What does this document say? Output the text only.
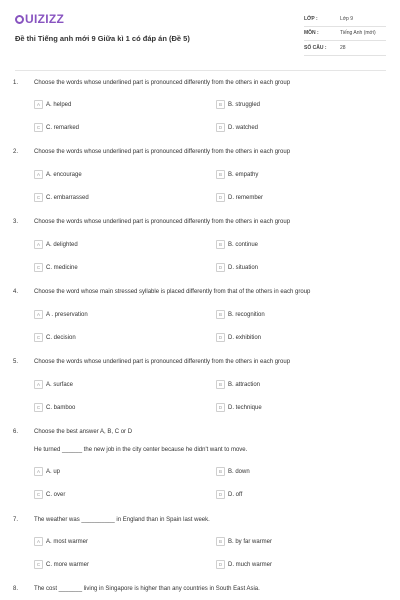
UIZIZZ
Đề thi Tiếng anh mới 9 Giữa kì 1 có đáp án (Đề 5)
LỚP :	Lớp 9
MÔN :	Tiếng Anh (mới)
SỐ CÂU :	28
1.	Choose the words whose underlined part is pronounced differently from the others in each group
A	A. helped	B	B. struggled
C C. remarked	D D. watched
2.	Choose the words whose underlined part is pronounced differently from the others in each group
A	A. encourage	B	B. empathy
C C. embarrassed	D D. remember
3.	Choose the words whose underlined part is pronounced differently from the others in each group
A	A. delighted	B	B. continue
C C. medicine	D D. situation
4.	Choose the word whose main stressed syllable is placed differently from that of the others in each group
A	A . preservation	B	B. recognition
C C. decision	D D. exhibition
5.	Choose the words whose underlined part is pronounced differently from the others in each group
A	A. surface	B	B. attraction
C C. bamboo	D D. technique
6.	Choose the best answer A, B, C or D
He turned ______ the new job in the city center because he didn't want to move.
A	A. up	B	B. down
C C. over	D D. off
7.	The weather was __________ in England than in Spain last week.
A	A. most warmer	B	B. by far warmer
C C. more warmer	D D. much warmer
8.	The cost _______ living in Singapore is higher than any countries in South East Asia.
